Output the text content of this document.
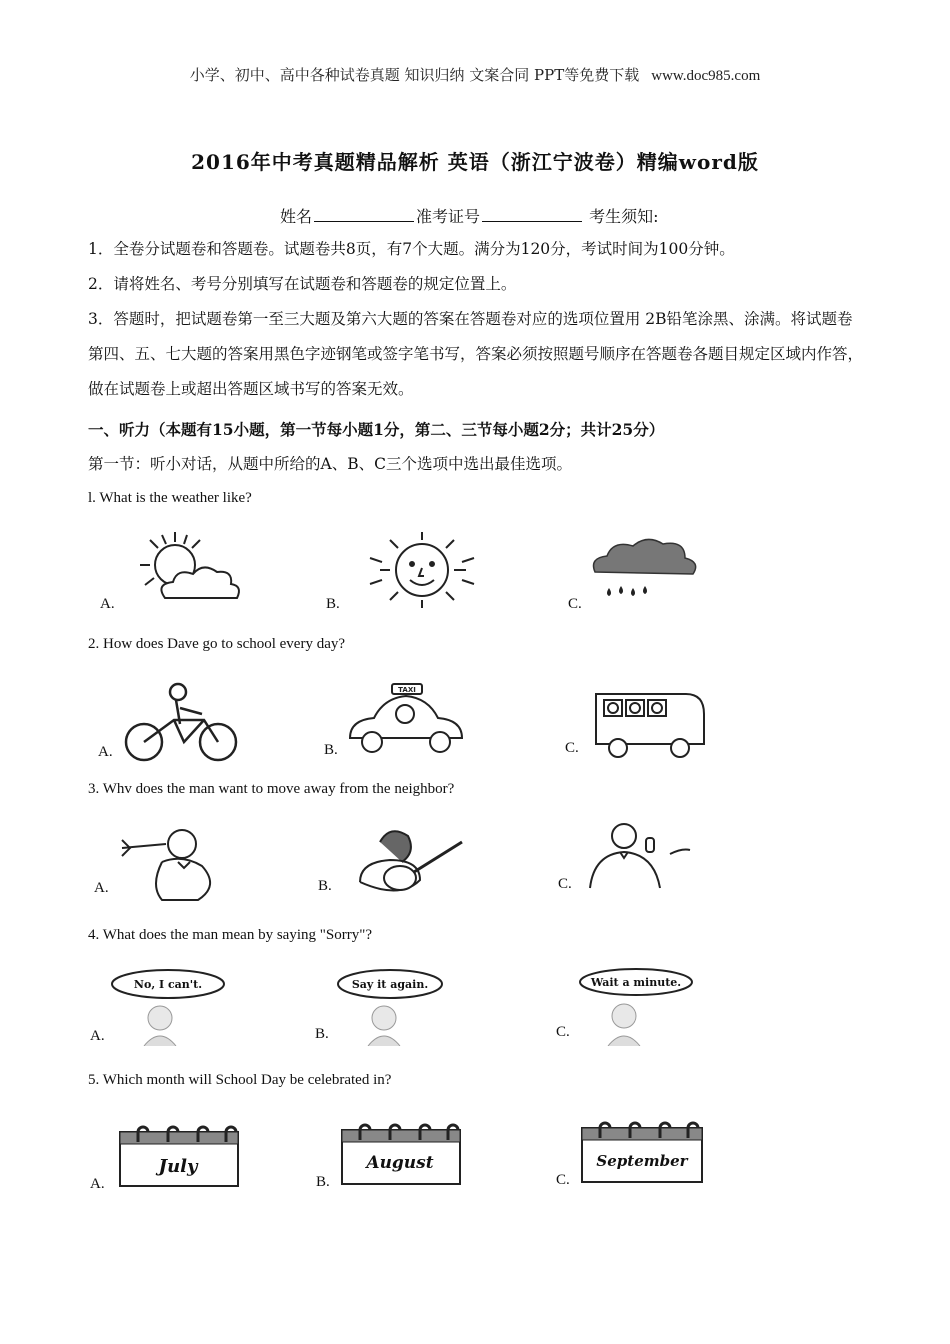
小学、初中、高中各种试卷真题 知识归纳 文案合同 PPT等免费下载 www.doc985.com
2016年中考真题精品解析 英语（浙江宁波卷）精编word版
姓名	准考证号	考生须知:
1．全卷分试题卷和答题卷。试题卷共8页，有7个大题。满分为120分，考试时间为100分钟。
2．请将姓名、考号分别填写在试题卷和答题卷的规定位置上。
3．答题时，把试题卷第一至三大题及第六大题的答案在答题卷对应的选项位置用 2B铅笔涂黑、涂满。将试题卷第四、五、七大题的答案用黑色字迹钢笔或签字笔书写，答案必须按照题号顺序在答题卷各题目规定区域内作答，做在试题卷上或超出答题区域书写的答案无效。
一、听力（本题有15小题，第一节每小题1分，第二、三节每小题2分；共计25分）
第一节：听小对话，从题中所给的A、B、C三个选项中选出最佳选项。
l. What is the weather like?
A.	B.	C.
2. How does Dave go to school every day?
A.	B.	C.
TAXI
3. Whv does the man want to move away from the neighbor?
A.	B.	C.
4. What does the man mean by saying "Sorry"?
A.	B.	C.
No, I can't.	Say it again.	Wait a minute.
5. Which month will School Day be celebrated in?
A.	B.	C.
July	August	September
